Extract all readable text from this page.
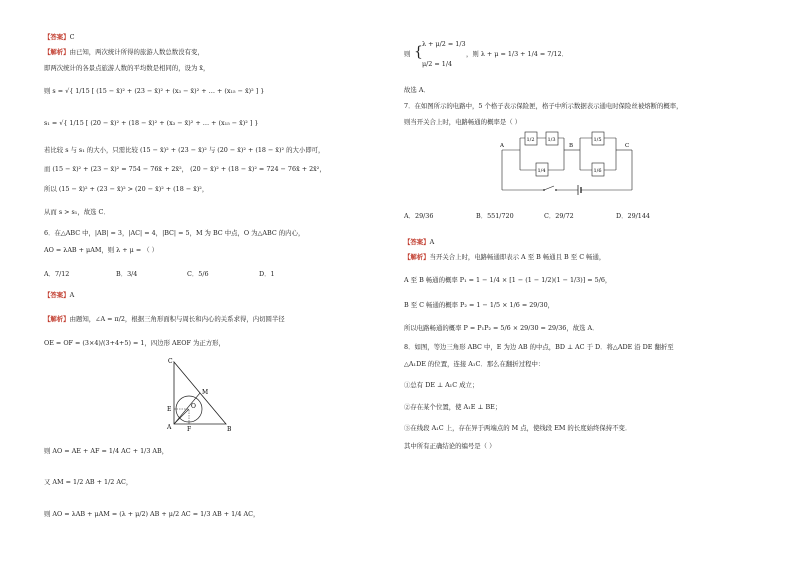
【答案】C
【解析】由已知，两次统计所得的旅游人数总数没有变，
即两次统计的各景点旅游人数的平均数是相同的，设为 x̄，
则 s = √{ 1/15 [ (15 − x̄)² + (23 − x̄)² + (x₃ − x̄)² + … + (x₁₅ − x̄)² ] }
s₁ = √{ 1/15 [ (20 − x̄)² + (18 − x̄)² + (x₃ − x̄)² + … + (x₁₅ − x̄)² ] }
若比较 s 与 s₁ 的大小，只需比较 (15 − x̄)² + (23 − x̄)² 与 (20 − x̄)² + (18 − x̄)² 的大小即可，
而 (15 − x̄)² + (23 − x̄)² = 754 − 76x̄ + 2x̄²， (20 − x̄)² + (18 − x̄)² = 724 − 76x̄ + 2x̄²，
所以 (15 − x̄)² + (23 − x̄)² > (20 − x̄)² + (18 − x̄)²，
从而 s > s₁，故选 C．
6．在△ABC 中，|AB| = 3，|AC| = 4，|BC| = 5，M 为 BC 中点，O 为△ABC 的内心，
AO = λAB + μAM，则 λ + μ = （ ）
A．7/12	B．3/4	C．5/6	D．1
【答案】A
【解析】由题知，∠A = π/2，根据三角形面积与周长和内心的关系求得，内切圆半径
OE = OF = (3×4)/(3+4+5) = 1，四边形 AEOF 为正方形，
C
M
E	O
A	F	B
则 AO = AE + AF = 1/4 AC + 1/3 AB，
又 AM = 1/2 AB + 1/2 AC，
则 AO = λAB + μAM = (λ + μ/2) AB + μ/2 AC = 1/3 AB + 1/4 AC，
则 { λ + μ/2 = 1/3
μ/2 = 1/4
，则 λ + μ = 1/3 + 1/4 = 7/12．
故选 A．
7．在如图所示的电路中，5 个格子表示保险匣，格子中所示数据表示通电时保险丝被熔断的概率，
则当开关合上时，电路畅通的概率是（ ）
1/2	1/3
1/4
1/5
1/6
A	B	C
A．29/36	B．551/720	C．29/72	D．29/144
【答案】A
【解析】当开关合上时，电路畅通即表示 A 至 B 畅通且 B 至 C 畅通，
A 至 B 畅通的概率 P₁ = 1 − 1/4 × [1 − (1 − 1/2)(1 − 1/3)] = 5/6，
B 至 C 畅通的概率 P₂ = 1 − 1/5 × 1/6 = 29/30，
所以电路畅通的概率 P = P₁P₂ = 5/6 × 29/30 = 29/36，故选 A．
8．如图，等边三角形 ABC 中，E 为边 AB 的中点，BD ⊥ AC 于 D．将△ADE 沿 DE 翻折至
△A₁DE 的位置，连接 A₁C．那么在翻折过程中：
①总有 DE ⊥ A₁C 成立；
②存在某个位置，使 A₁E ⊥ BE；
③在线段 A₁C 上，存在异于两端点的 M 点，使线段 EM 的长度始终保持不变．
其中所有正确结论的编号是（ ）
